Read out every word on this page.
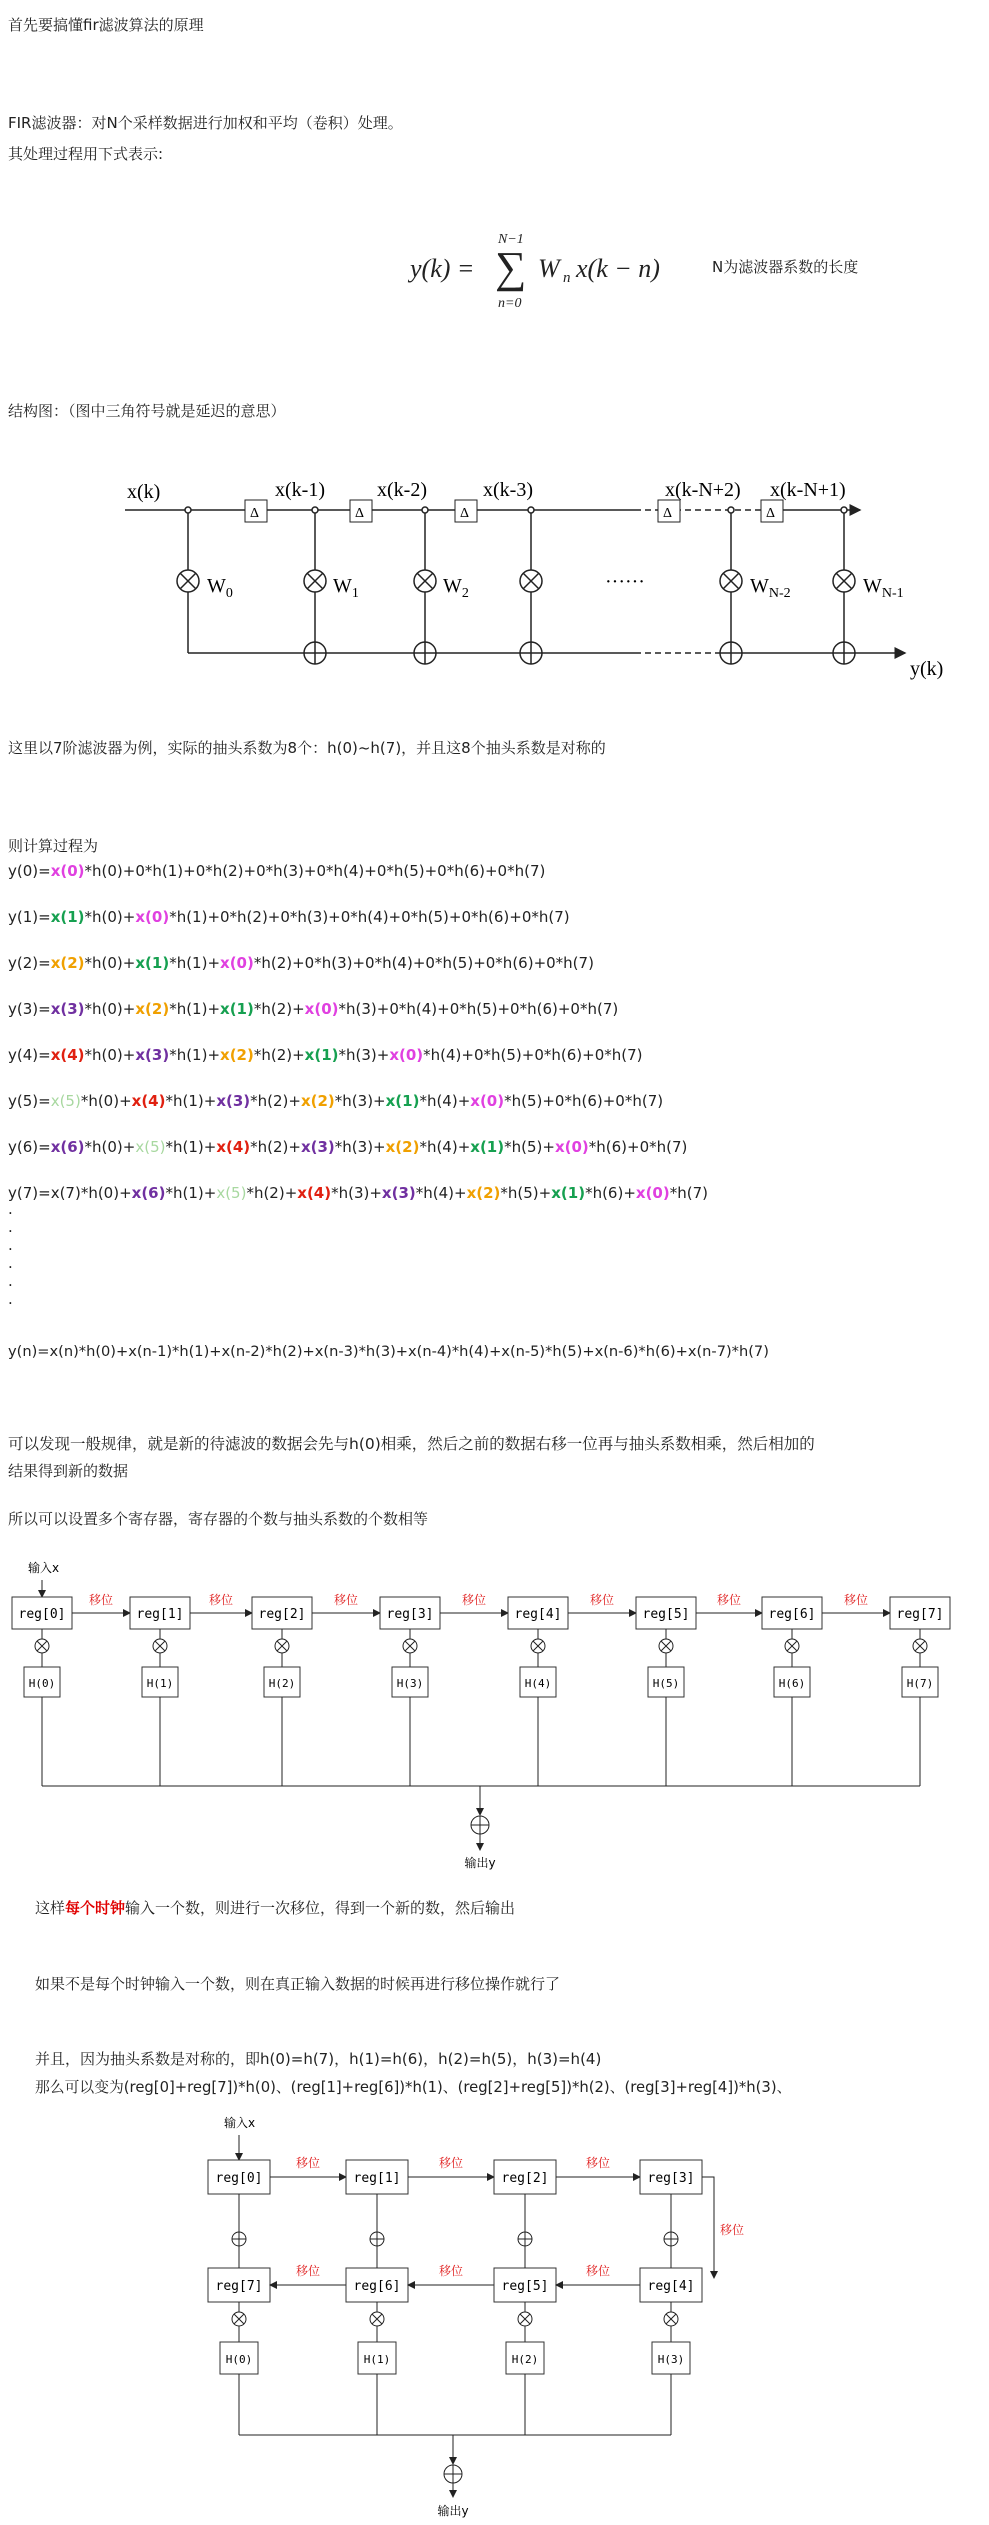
首先要搞懂fir滤波算法的原理
FIR滤波器：对N个采样数据进行加权和平均（卷积）处理。
其处理过程用下式表示:
y(k) =
N−1
∑
n=0
W n x(k − n)	N为滤波器系数的长度
结构图：（图中三角符号就是延迟的意思）
x(k)
Δ	Δ	Δ	Δ	Δ
x(k-1)	x(k-2)	x(k-3)	x(k-N+2) x(k-N+1)
$W_0$	$W_1$	$W_2$	$W_{N-2}$	$W_{N-1}$
······
y(k)
这里以7阶滤波器为例，实际的抽头系数为8个：h(0)~h(7)，并且这8个抽头系数是对称的
则计算过程为
y(0)=x(0)*h(0)+0*h(1)+0*h(2)+0*h(3)+0*h(4)+0*h(5)+0*h(6)+0*h(7)
y(1)=x(1)*h(0)+x(0)*h(1)+0*h(2)+0*h(3)+0*h(4)+0*h(5)+0*h(6)+0*h(7)
y(2)=x(2)*h(0)+x(1)*h(1)+x(0)*h(2)+0*h(3)+0*h(4)+0*h(5)+0*h(6)+0*h(7)
y(3)=x(3)*h(0)+x(2)*h(1)+x(1)*h(2)+x(0)*h(3)+0*h(4)+0*h(5)+0*h(6)+0*h(7)
y(4)=x(4)*h(0)+x(3)*h(1)+x(2)*h(2)+x(1)*h(3)+x(0)*h(4)+0*h(5)+0*h(6)+0*h(7)
y(5)=x(5)*h(0)+x(4)*h(1)+x(3)*h(2)+x(2)*h(3)+x(1)*h(4)+x(0)*h(5)+0*h(6)+0*h(7)
y(6)=x(6)*h(0)+x(5)*h(1)+x(4)*h(2)+x(3)*h(3)+x(2)*h(4)+x(1)*h(5)+x(0)*h(6)+0*h(7)
y(7)=x(7)*h(0)+x(6)*h(1)+x(5)*h(2)+x(4)*h(3)+x(3)*h(4)+x(2)*h(5)+x(1)*h(6)+x(0)*h(7)
.
.
.
.
.
.
y(n)=x(n)*h(0)+x(n-1)*h(1)+x(n-2)*h(2)+x(n-3)*h(3)+x(n-4)*h(4)+x(n-5)*h(5)+x(n-6)*h(6)+x(n-7)*h(7)
可以发现一般规律，就是新的待滤波的数据会先与h(0)相乘，然后之前的数据右移一位再与抽头系数相乘，然后相加的
结果得到新的数据
所以可以设置多个寄存器，寄存器的个数与抽头系数的个数相等
输入x
reg[0]
移位
H(0)
reg[1]
移位
H(1)
reg[2]
移位
H(2)
reg[3]
移位
H(3)
reg[4]
移位
H(4)
reg[5]
移位
H(5)
reg[6]
移位
H(6)
reg[7]
H(7)
输出y
这样每个时钟输入一个数，则进行一次移位，得到一个新的数，然后输出
如果不是每个时钟输入一个数，则在真正输入数据的时候再进行移位操作就行了
并且，因为抽头系数是对称的，即h(0)=h(7)，h(1)=h(6)，h(2)=h(5)，h(3)=h(4)
那么可以变为(reg[0]+reg[7])*h(0)、(reg[1]+reg[6])*h(1)、(reg[2]+reg[5])*h(2)、(reg[3]+reg[4])*h(3)、
输入x
reg[0]
reg[7]
移位
移位
H(0)
reg[1]
reg[6]
移位
移位
H(1)
reg[2]
reg[5]
移位
移位
H(2)
reg[3]
reg[4]
H(3)
移位
输出y
